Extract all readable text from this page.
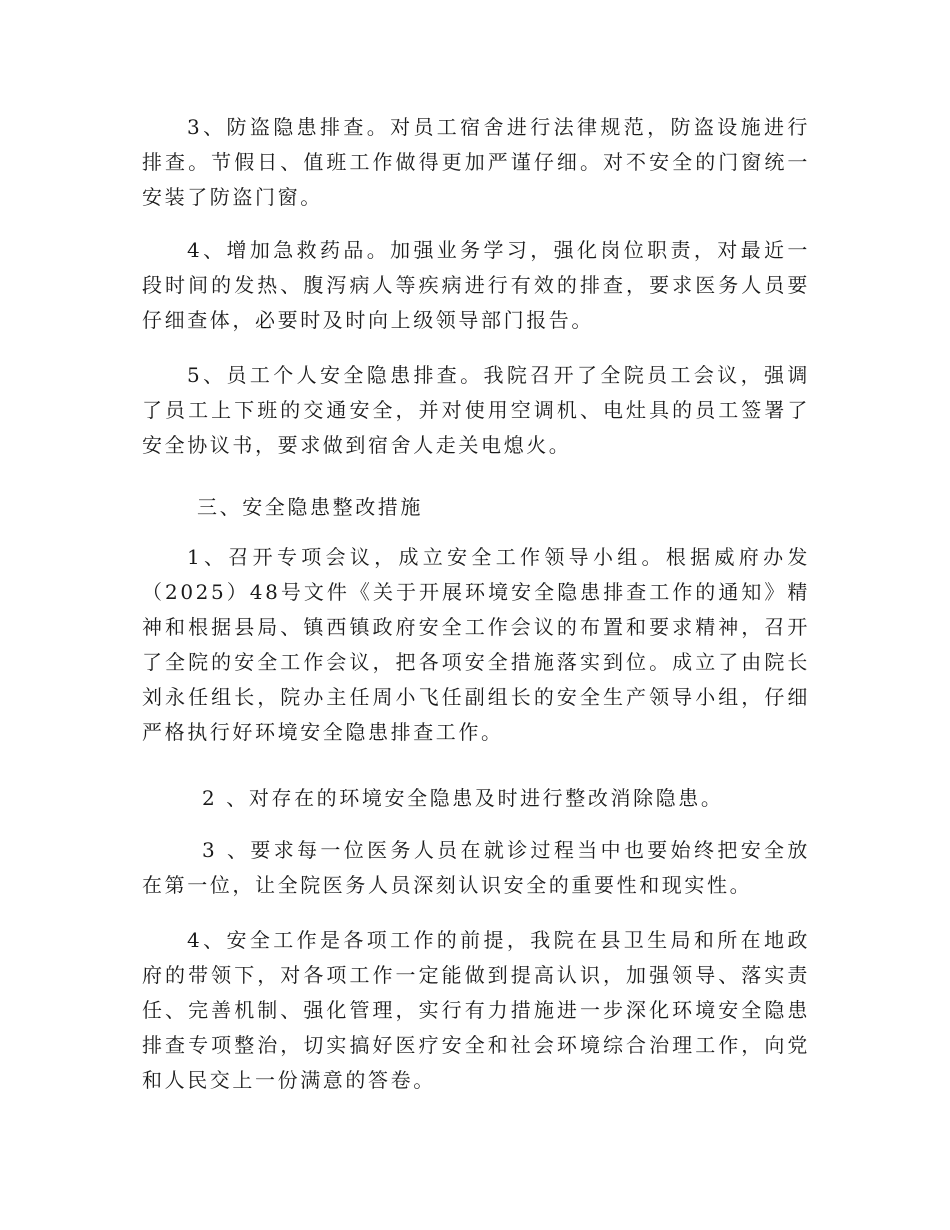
3、防盗隐患排查。对员工宿舍进行法律规范，防盗设施进行排查。节假日、值班工作做得更加严谨仔细。对不安全的门窗统一安装了防盗门窗。

4、增加急救药品。加强业务学习，强化岗位职责，对最近一段时间的发热、腹泻病人等疾病进行有效的排查，要求医务人员要仔细查体，必要时及时向上级领导部门报告。

5、员工个人安全隐患排查。我院召开了全院员工会议，强调了员工上下班的交通安全，并对使用空调机、电灶具的员工签署了安全协议书，要求做到宿舍人走关电熄火。

三、安全隐患整改措施

1、召开专项会议，成立安全工作领导小组。根据威府办发（2025）48号文件《关于开展环境安全隐患排查工作的通知》精神和根据县局、镇西镇政府安全工作会议的布置和要求精神，召开了全院的安全工作会议，把各项安全措施落实到位。成立了由院长刘永任组长，院办主任周小飞任副组长的安全生产领导小组，仔细严格执行好环境安全隐患排查工作。

2 、对存在的环境安全隐患及时进行整改消除隐患。

3 、要求每一位医务人员在就诊过程当中也要始终把安全放在第一位，让全院医务人员深刻认识安全的重要性和现实性。

4、安全工作是各项工作的前提，我院在县卫生局和所在地政府的带领下，对各项工作一定能做到提高认识，加强领导、落实责任、完善机制、强化管理，实行有力措施进一步深化环境安全隐患排查专项整治，切实搞好医疗安全和社会环境综合治理工作，向党和人民交上一份满意的答卷。
